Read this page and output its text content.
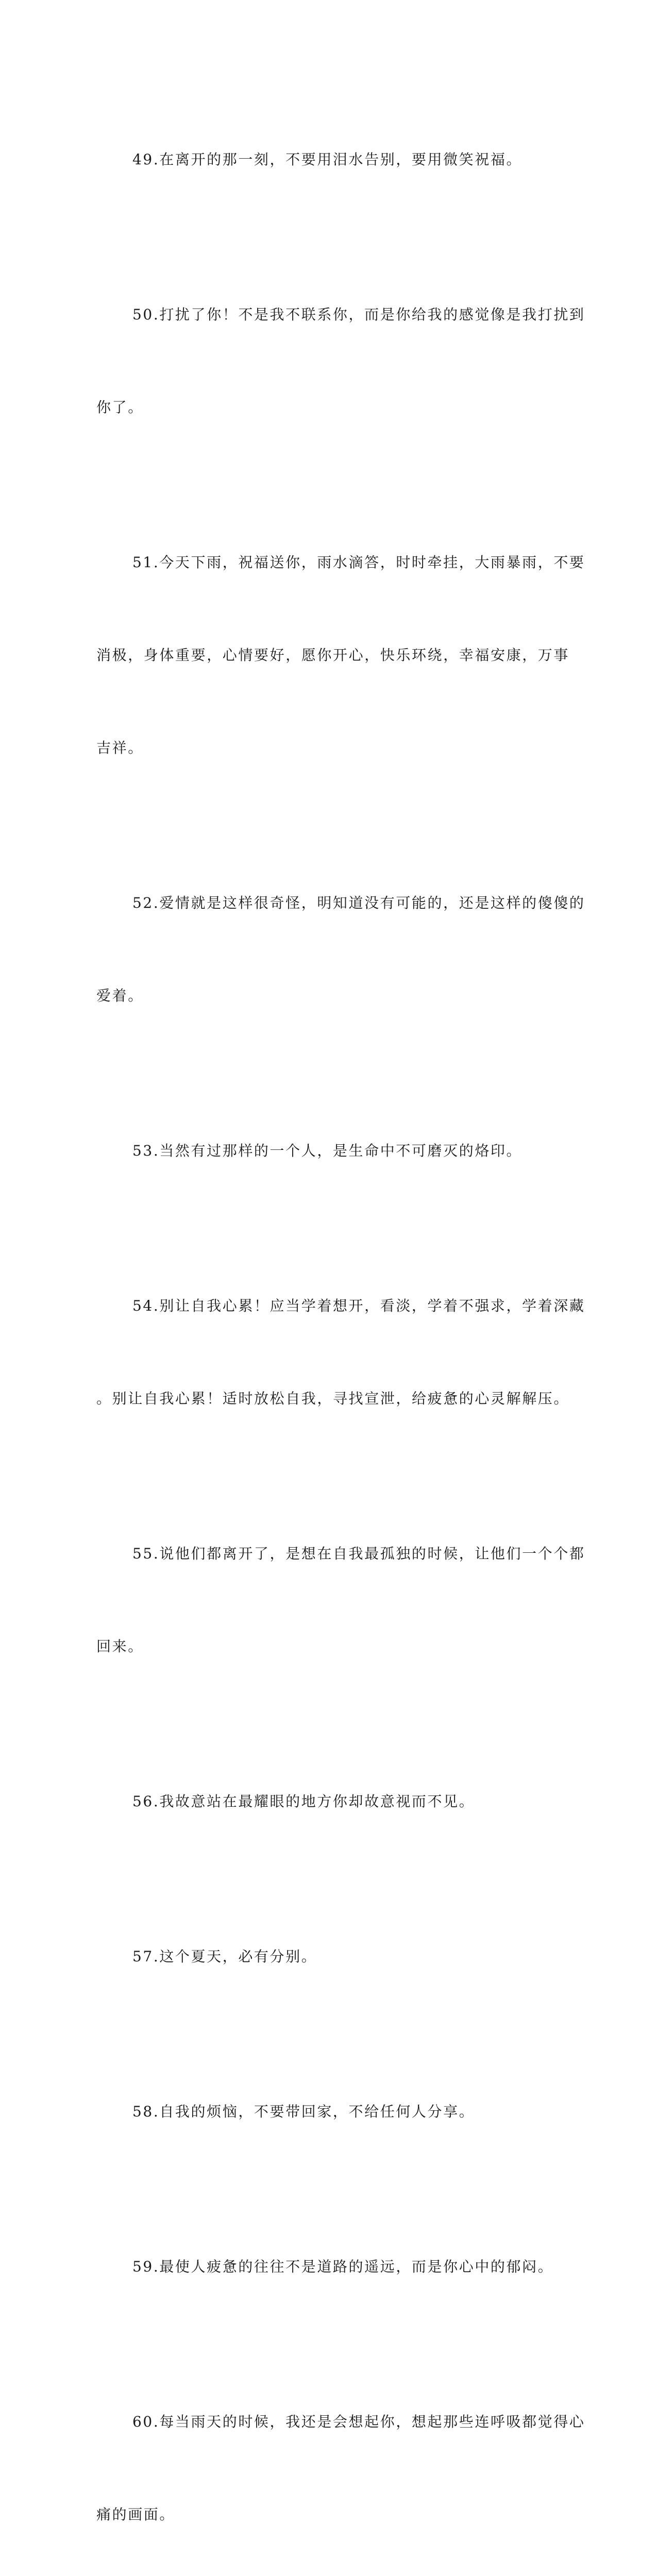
49.在离开的那一刻，不要用泪水告别，要用微笑祝福。

50.打扰了你！不是我不联系你，而是你给我的感觉像是我打扰到

你了。

51.今天下雨，祝福送你，雨水滴答，时时牵挂，大雨暴雨，不要

消极，身体重要，心情要好，愿你开心，快乐环绕，幸福安康，万事

吉祥。

52.爱情就是这样很奇怪，明知道没有可能的，还是这样的傻傻的

爱着。

53.当然有过那样的一个人，是生命中不可磨灭的烙印。

54.别让自我心累！应当学着想开，看淡，学着不强求，学着深藏

。别让自我心累！适时放松自我，寻找宣泄，给疲惫的心灵解解压。

55.说他们都离开了，是想在自我最孤独的时候，让他们一个个都

回来。

56.我故意站在最耀眼的地方你却故意视而不见。

57.这个夏天，必有分别。

58.自我的烦恼，不要带回家，不给任何人分享。

59.最使人疲惫的往往不是道路的遥远，而是你心中的郁闷。

60.每当雨天的时候，我还是会想起你，想起那些连呼吸都觉得心

痛的画面。
